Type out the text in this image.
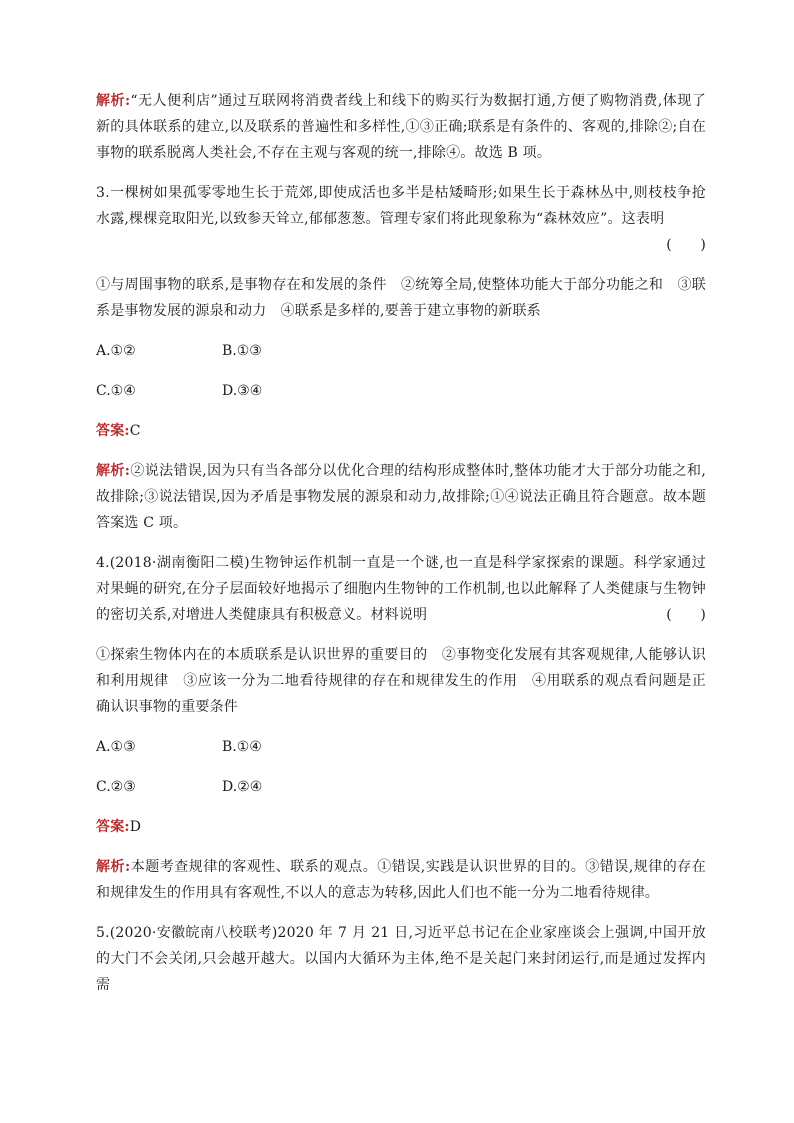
解析:“无人便利店”通过互联网将消费者线上和线下的购买行为数据打通,方便了购物消费,体现了新的具体联系的建立,以及联系的普遍性和多样性,①③正确;联系是有条件的、客观的,排除②;自在事物的联系脱离人类社会,不存在主观与客观的统一,排除④。故选 B 项。

3.一棵树如果孤零零地生长于荒郊,即使成活也多半是枯矮畸形;如果生长于森林丛中,则枝枝争抢水露,棵棵竞取阳光,以致参天耸立,郁郁葱葱。管理专家们将此现象称为“森林效应”。这表明

(　　)

①与周围事物的联系,是事物存在和发展的条件　②统筹全局,使整体功能大于部分功能之和　③联系是事物发展的源泉和动力　④联系是多样的,要善于建立事物的新联系

A.①②	B.①③
C.①④	D.③④

答案:C

解析:②说法错误,因为只有当各部分以优化合理的结构形成整体时,整体功能才大于部分功能之和,故排除;③说法错误,因为矛盾是事物发展的源泉和动力,故排除;①④说法正确且符合题意。故本题答案选 C 项。

4.(2018·湖南衡阳二模)生物钟运作机制一直是一个谜,也一直是科学家探索的课题。科学家通过对果蝇的研究,在分子层面较好地揭示了细胞内生物钟的工作机制,也以此解释了人类健康与生物钟的密切关系,对增进人类健康具有积极意义。材料说明	(　　)

①探索生物体内在的本质联系是认识世界的重要目的　②事物变化发展有其客观规律,人能够认识和利用规律　③应该一分为二地看待规律的存在和规律发生的作用　④用联系的观点看问题是正确认识事物的重要条件

A.①③	B.①④
C.②③	D.②④

答案:D

解析:本题考查规律的客观性、联系的观点。①错误,实践是认识世界的目的。③错误,规律的存在和规律发生的作用具有客观性,不以人的意志为转移,因此人们也不能一分为二地看待规律。

5.(2020·安徽皖南八校联考)2020 年 7 月 21 日,习近平总书记在企业家座谈会上强调,中国开放的大门不会关闭,只会越开越大。以国内大循环为主体,绝不是关起门来封闭运行,而是通过发挥内需
